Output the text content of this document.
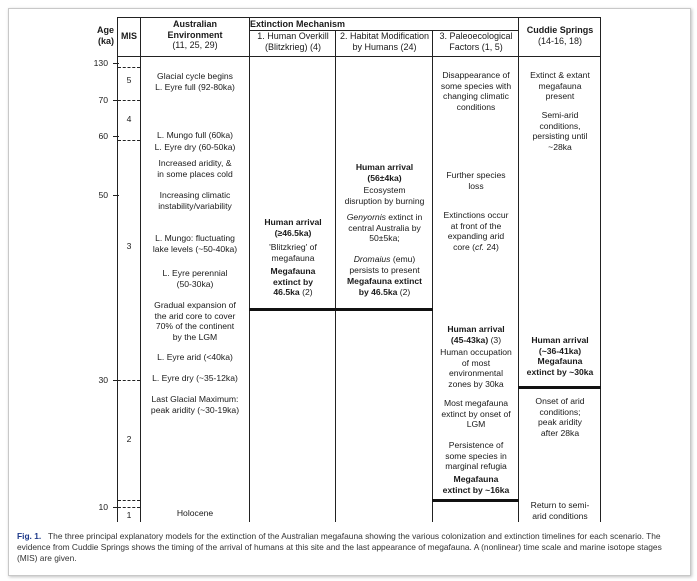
Age
(ka) MIS
Australian
Environment
(11, 25, 29)
Extinction Mechanism
1. Human Overkill
(Blitzkrieg) (4)
2. Habitat Modification
by Humans (24)
3. Paleoecological
Factors (1, 5)
Cuddie Springs
(14-16, 18)
130
70
60
50
30
10
5
4
3
2
1
Glacial cycle begins
L. Eyre full (92-80ka)
L. Mungo full (60ka)
L. Eyre dry (60-50ka)
Increased aridity, &
in some places cold
Increasing climatic
instability/variability
L. Mungo: fluctuating
lake levels (~50-40ka)
L. Eyre perennial
(50-30ka)
Gradual expansion of
the arid core to cover
70% of the continent
by the LGM
L. Eyre arid (<40ka)
L. Eyre dry (~35-12ka)
Last Glacial Maximum:
peak aridity (~30-19ka)
Holocene
Human arrival
(≥46.5ka)
'Blitzkrieg' of
megafauna
Megafauna
extinct by
46.5ka (2)
Human arrival
(56±4ka)
Ecosystem
disruption by burning
Genyornis extinct in
central Australia by
50±5ka;
Dromaius (emu)
persists to present
Megafauna extinct
by 46.5ka (2)
Disappearance of
some species with
changing climatic
conditions
Further species
loss
Extinctions occur
at front of the
expanding arid
core (cf. 24)
Human arrival
(45-43ka) (3)
Human occupation
of most
environmental
zones by 30ka
Most megafauna
extinct by onset of
LGM
Persistence of
some species in
marginal refugia
Megafauna
extinct by ~16ka
Extinct & extant
megafauna
present
Semi-arid
conditions,
persisting until
~28ka
Human arrival
(~36-41ka)
Megafauna
extinct by ~30ka
Onset of arid
conditions;
peak aridity
after 28ka
Return to semi-
arid conditions
Fig. 1. The three principal explanatory models for the extinction of the Australian megafauna showing the various colonization and extinction timelines for each scenario. The evidence from Cuddie Springs shows the timing of the arrival of humans at this site and the last appearance of megafauna. A (nonlinear) time scale and marine isotope stages (MIS) are given.
